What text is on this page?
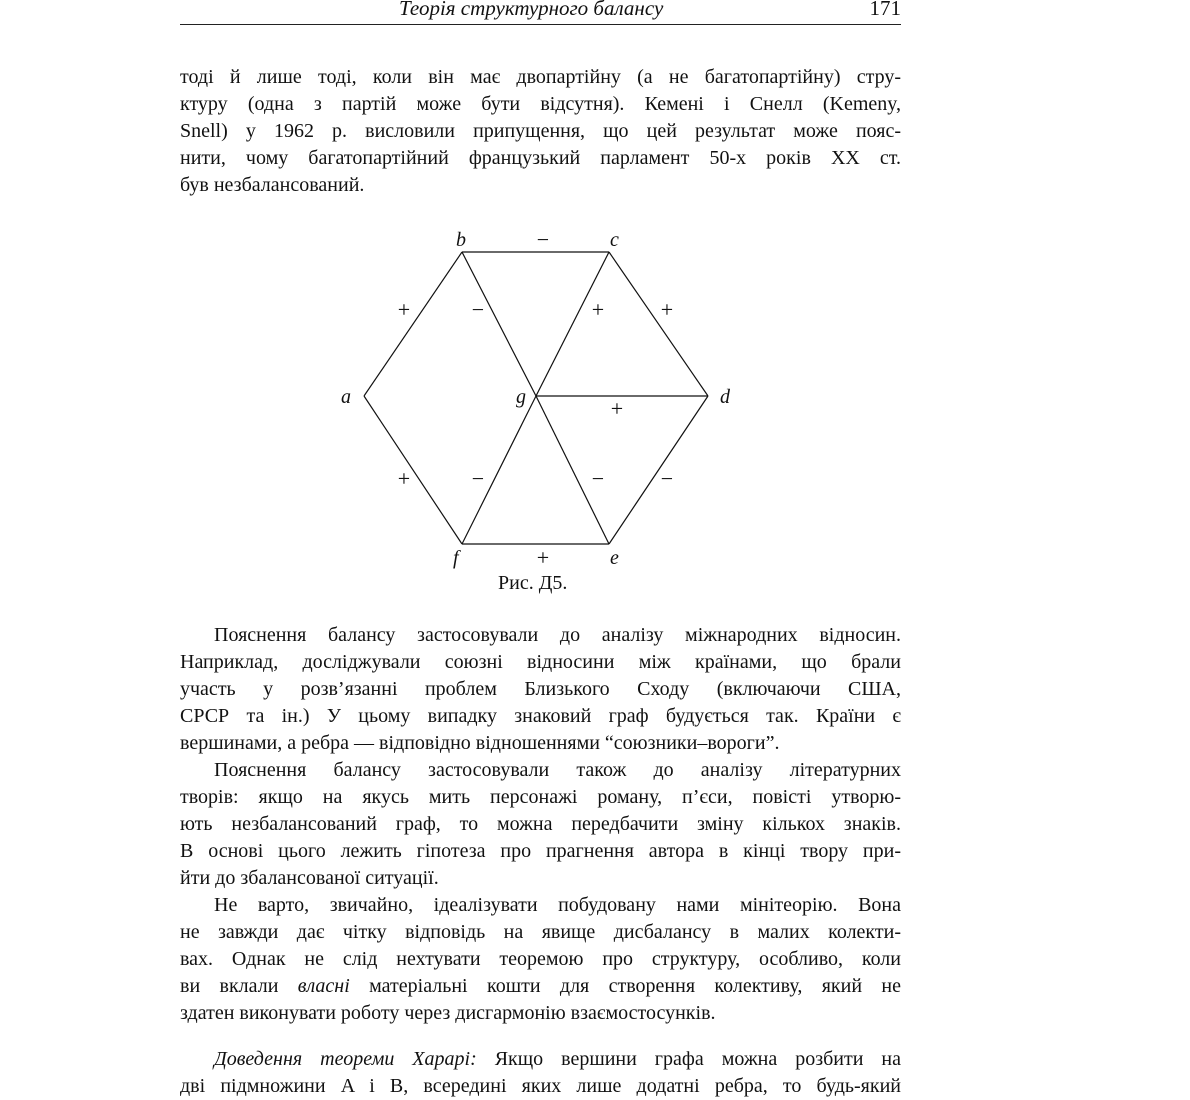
Теорія структурного балансу	171
тоді й лише тоді, коли він має двопартійну (а не багатопартійну) стру-
ктуру (одна з партій може бути відсутня). Кемені і Снелл (Kemeny,
Snell) у 1962 р. висловили припущення, що цей результат може пояс-
нити, чому багатопартійний французький парламент 50-х років XX ст.
був незбалансований.
b	c
a	g	d
f	e
−
+	−	+	+
+
+	−	−	−
+
Рис. Д5.
Пояснення балансу застосовували до аналізу міжнародних відносин.
Наприклад, досліджували союзні відносини між країнами, що брали
участь у розв’язанні проблем Близького Сходу (включаючи США,
СРСР та ін.) У цьому випадку знаковий граф будується так. Країни є
вершинами, а ребра — відповідно відношеннями “союзники–вороги”.
Пояснення балансу застосовували також до аналізу літературних
творів: якщо на якусь мить персонажі роману, п’єси, повісті утворю-
ють незбалансований граф, то можна передбачити зміну кількох знаків.
В основі цього лежить гіпотеза про прагнення автора в кінці твору при-
йти до збалансованої ситуації.
Не варто, звичайно, ідеалізувати побудовану нами мінітеорію. Вона
не завжди дає чітку відповідь на явище дисбалансу в малих колекти-
вах. Однак не слід нехтувати теоремою про структуру, особливо, коли
ви вклали власні матеріальні кошти для створення колективу, який не
здатен виконувати роботу через дисгармонію взаємостосунків.
Доведення теореми Харарі: Якщо вершини графа можна розбити на
дві підмножини A і B, всередині яких лише додатні ребра, то будь-який
